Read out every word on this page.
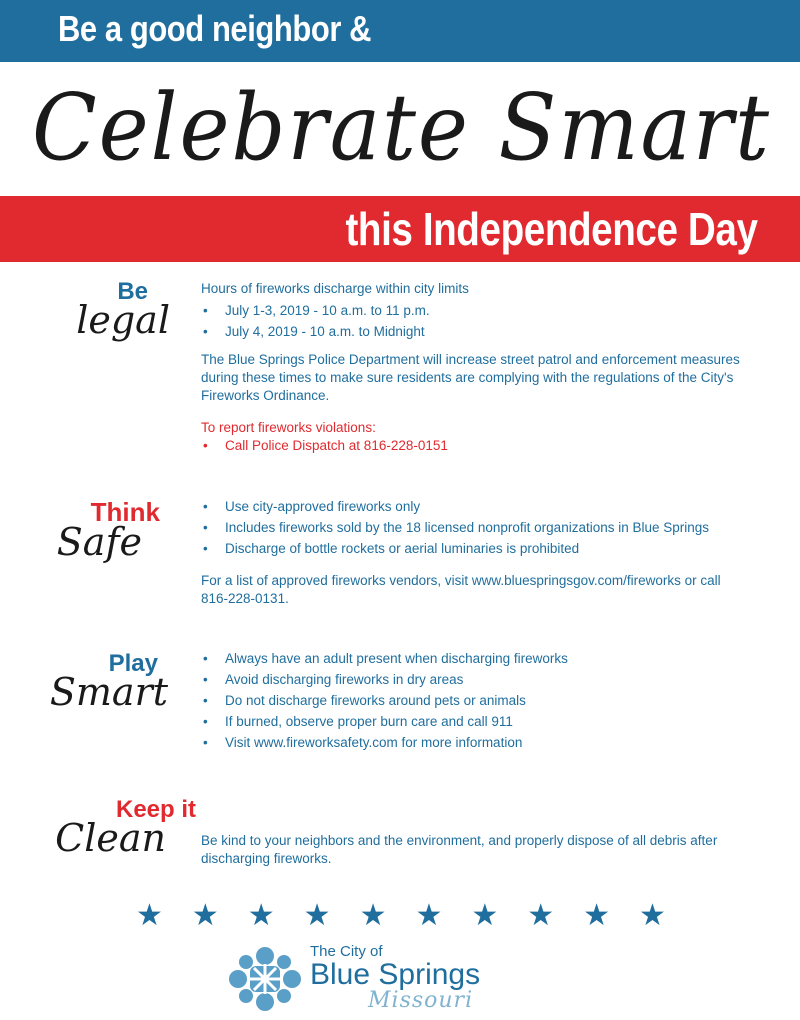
Be a good neighbor &
Celebrate Smart
this Independence Day
Be
legal

Hours of fireworks discharge within city limits

• July 1-3, 2019 - 10 a.m. to 11 p.m.
• July 4, 2019 - 10 a.m. to Midnight

The Blue Springs Police Department will increase street patrol and enforcement measures during these times to make sure residents are complying with the regulations of the City's Fireworks Ordinance.

To report fireworks violations:

• Call Police Dispatch at 816-228-0151
Think
Safe
• Use city-approved fireworks only
• Includes fireworks sold by the 18 licensed nonprofit organizations in Blue Springs
• Discharge of bottle rockets or aerial luminaries is prohibited

For a list of approved fireworks vendors, visit www.bluespringsgov.com/fireworks or call 816-228-0131.

Play
Smart
• Always have an adult present when discharging fireworks
• Avoid discharging fireworks in dry areas
• Do not discharge fireworks around pets or animals
• If burned, observe proper burn care and call 911
• Visit www.fireworksafety.com for more information
Keep it
Clean	Be kind to your neighbors and the environment, and properly dispose of all debris after discharging fireworks.

★ ★ ★ ★ ★ ★ ★ ★ ★ ★
The City of
Blue Springs
Missouri
